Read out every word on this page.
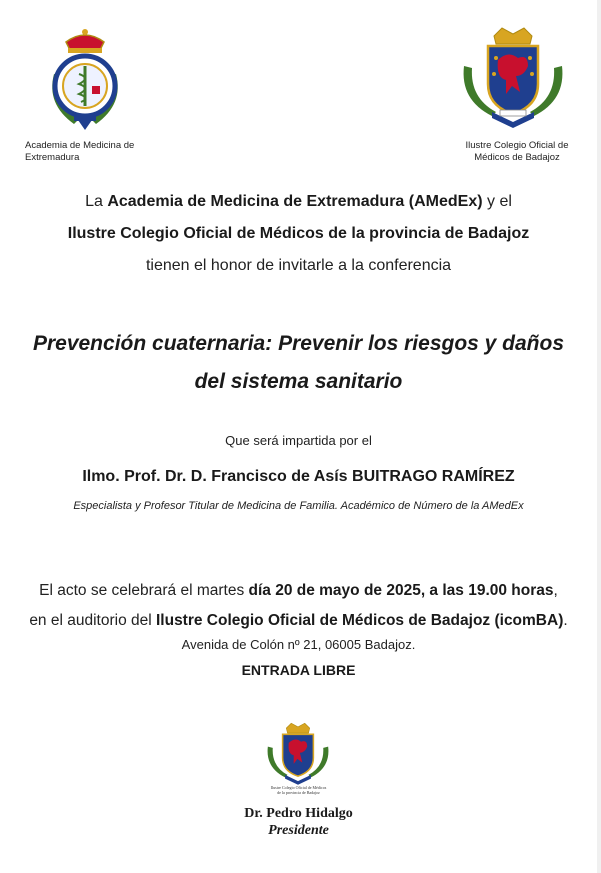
Academia de Medicina de
Extremadura
Ilustre Colegio Oficial de
Médicos de Badajoz
La Academia de Medicina de Extremadura (AMedEx) y el
Ilustre Colegio Oficial de Médicos de la provincia de Badajoz
tienen el honor de invitarle a la conferencia
Prevención cuaternaria: Prevenir los riesgos y daños
del sistema sanitario
Que será impartida por el
Ilmo. Prof. Dr. D. Francisco de Asís BUITRAGO RAMÍREZ
Especialista y Profesor Titular de Medicina de Familia. Académico de Número de la AMedEx
El acto se celebrará el martes día 20 de mayo de 2025, a las 19.00 horas,
en el auditorio del Ilustre Colegio Oficial de Médicos de Badajoz (icomBA).
Avenida de Colón nº 21, 06005 Badajoz.
ENTRADA LIBRE
Ilustre Colegio Oficial de Médicos
de la provincia de Badajoz
Dr. Pedro Hidalgo
Presidente
